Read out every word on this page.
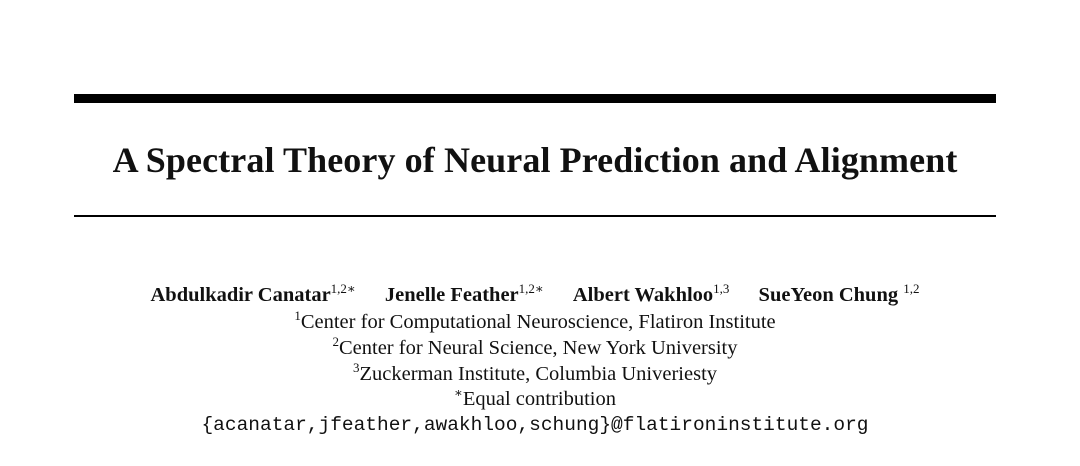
A Spectral Theory of Neural Prediction and Alignment
Abdulkadir Canatar$^{1,2∗}$ Jenelle Feather$^{1,2∗}$ Albert Wakhloo$^{1,3}$ SueYeon Chung $^{1,2}$
$^1$Center for Computational Neuroscience, Flatiron Institute
$^2$Center for Neural Science, New York University
$^3$Zuckerman Institute, Columbia Univeriesty
∗Equal contribution
{acanatar,jfeather,awakhloo,schung}@flatironinstitute.org
